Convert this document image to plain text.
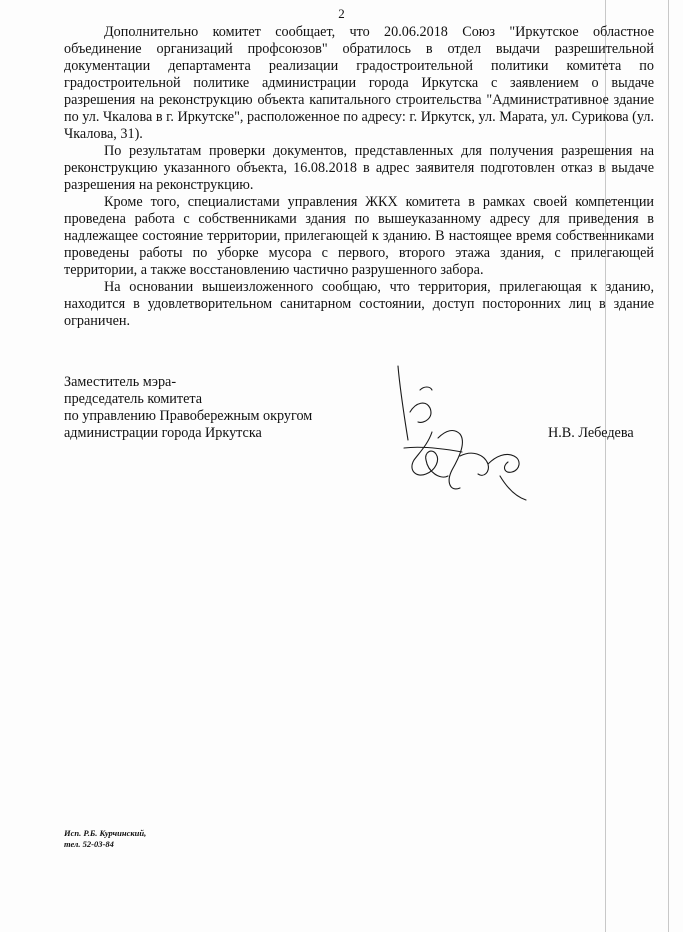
2

Дополнительно комитет сообщает, что 20.06.2018 Союз "Иркутское областное объединение организаций профсоюзов" обратилось в отдел выдачи разрешительной документации департамента реализации градостроительной политики комитета по градостроительной политике администрации города Иркутска с заявлением о выдаче разрешения на реконструкцию объекта капитального строительства "Административное здание по ул. Чкалова в г. Иркутске", расположенное по адресу: г. Иркутск, ул. Марата, ул. Сурикова (ул. Чкалова, 31).

По результатам проверки документов, представленных для получения разрешения на реконструкцию указанного объекта, 16.08.2018 в адрес заявителя подготовлен отказ в выдаче разрешения на реконструкцию.

Кроме того, специалистами управления ЖКХ комитета в рамках своей компетенции проведена работа с собственниками здания по вышеуказанному адресу для приведения в надлежащее состояние территории, прилегающей к зданию. В настоящее время собственниками проведены работы по уборке мусора с первого, второго этажа здания, с прилегающей территории, а также восстановлению частично разрушенного забора.

На основании вышеизложенного сообщаю, что территория, прилегающая к зданию, находится в удовлетворительном санитарном состоянии, доступ посторонних лиц в здание ограничен.

Заместитель мэра-
председатель комитета
по управлению Правобережным округом
администрации города Иркутска	Н.В. Лебедева
Исп. Р.Б. Курчинский,
тел. 52-03-84
